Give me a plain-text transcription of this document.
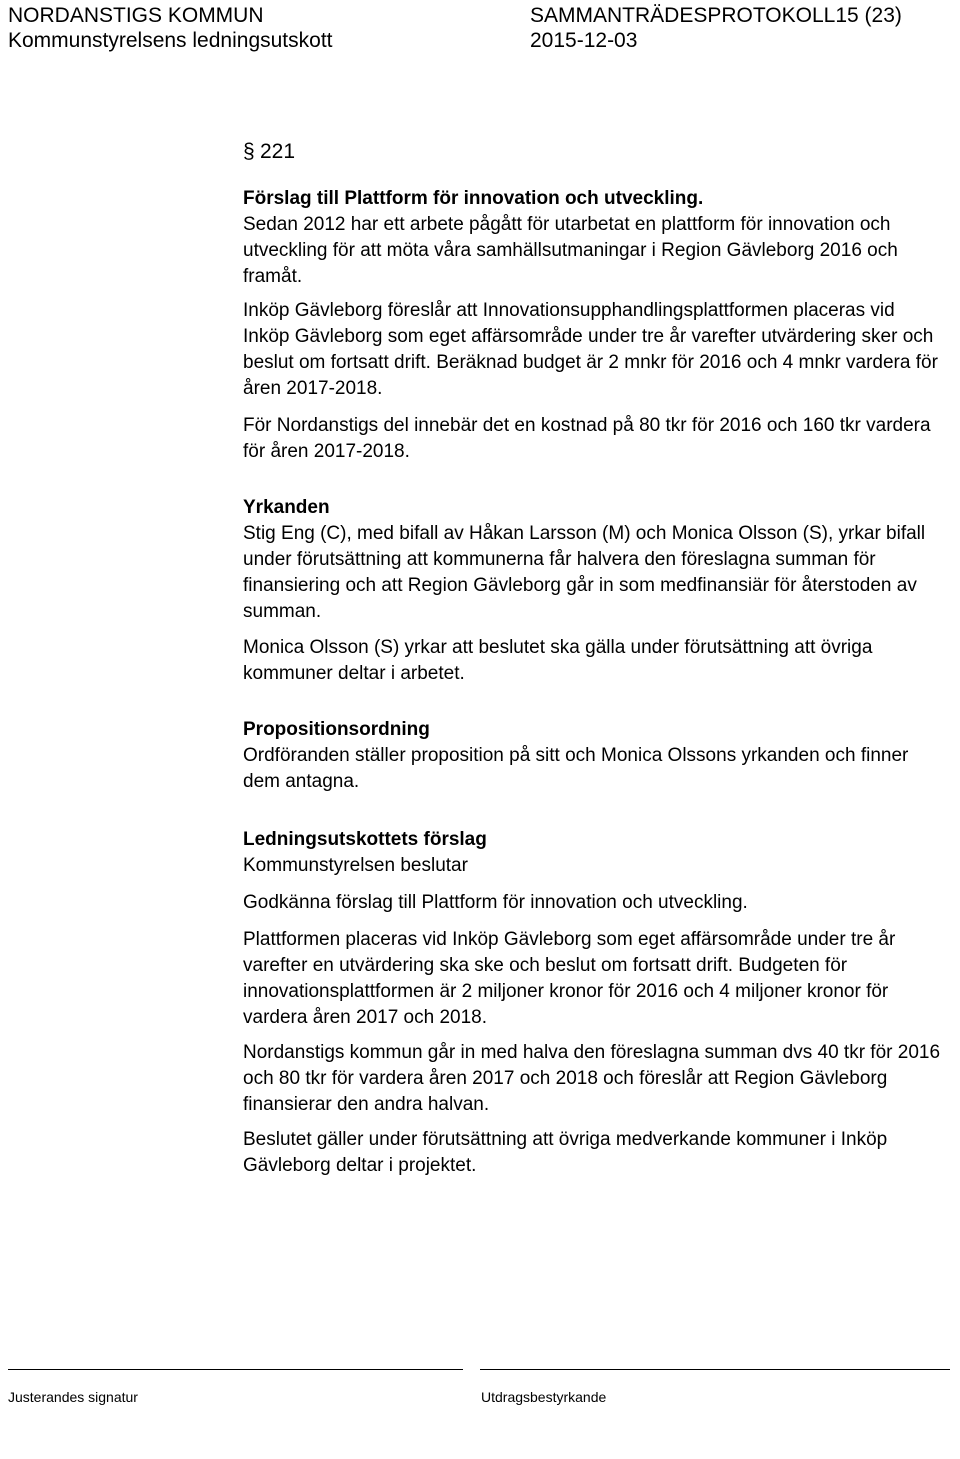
NORDANSTIGS KOMMUN
Kommunstyrelsens ledningsutskott
SAMMANTRÄDESPROTOKOLL15 (23)
2015-12-03
§ 221

Förslag till Plattform för innovation och utveckling.

Sedan 2012 har ett arbete pågått för utarbetat en plattform för innovation och utveckling för att möta våra samhällsutmaningar i Region Gävleborg 2016 och framåt.

Inköp Gävleborg föreslår att Innovationsupphandlingsplattformen placeras vid Inköp Gävleborg som eget affärsområde under tre år varefter utvärdering sker och beslut om fortsatt drift. Beräknad budget är 2 mnkr för 2016 och 4 mnkr vardera för åren 2017-2018.

För Nordanstigs del innebär det en kostnad på 80 tkr för 2016 och 160 tkr vardera för åren 2017-2018.

Yrkanden

Stig Eng (C), med bifall av Håkan Larsson (M) och Monica Olsson (S), yrkar bifall under förutsättning att kommunerna får halvera den föreslagna summan för finansiering och att Region Gävleborg går in som medfinansiär för återstoden av summan.

Monica Olsson (S) yrkar att beslutet ska gälla under förutsättning att övriga kommuner deltar i arbetet.

Propositionsordning

Ordföranden ställer proposition på sitt och Monica Olssons yrkanden och finner dem antagna.

Ledningsutskottets förslag

Kommunstyrelsen beslutar

Godkänna förslag till Plattform för innovation och utveckling.

Plattformen placeras vid Inköp Gävleborg som eget affärsområde under tre år varefter en utvärdering ska ske och beslut om fortsatt drift. Budgeten för innovationsplattformen är 2 miljoner kronor för 2016 och 4 miljoner kronor för vardera åren 2017 och 2018.

Nordanstigs kommun går in med halva den föreslagna summan dvs 40 tkr för 2016 och 80 tkr för vardera åren 2017 och 2018 och föreslår att Region Gävleborg finansierar den andra halvan.

Beslutet gäller under förutsättning att övriga medverkande kommuner i Inköp Gävleborg deltar i projektet.

Justerandes signatur	Utdragsbestyrkande
